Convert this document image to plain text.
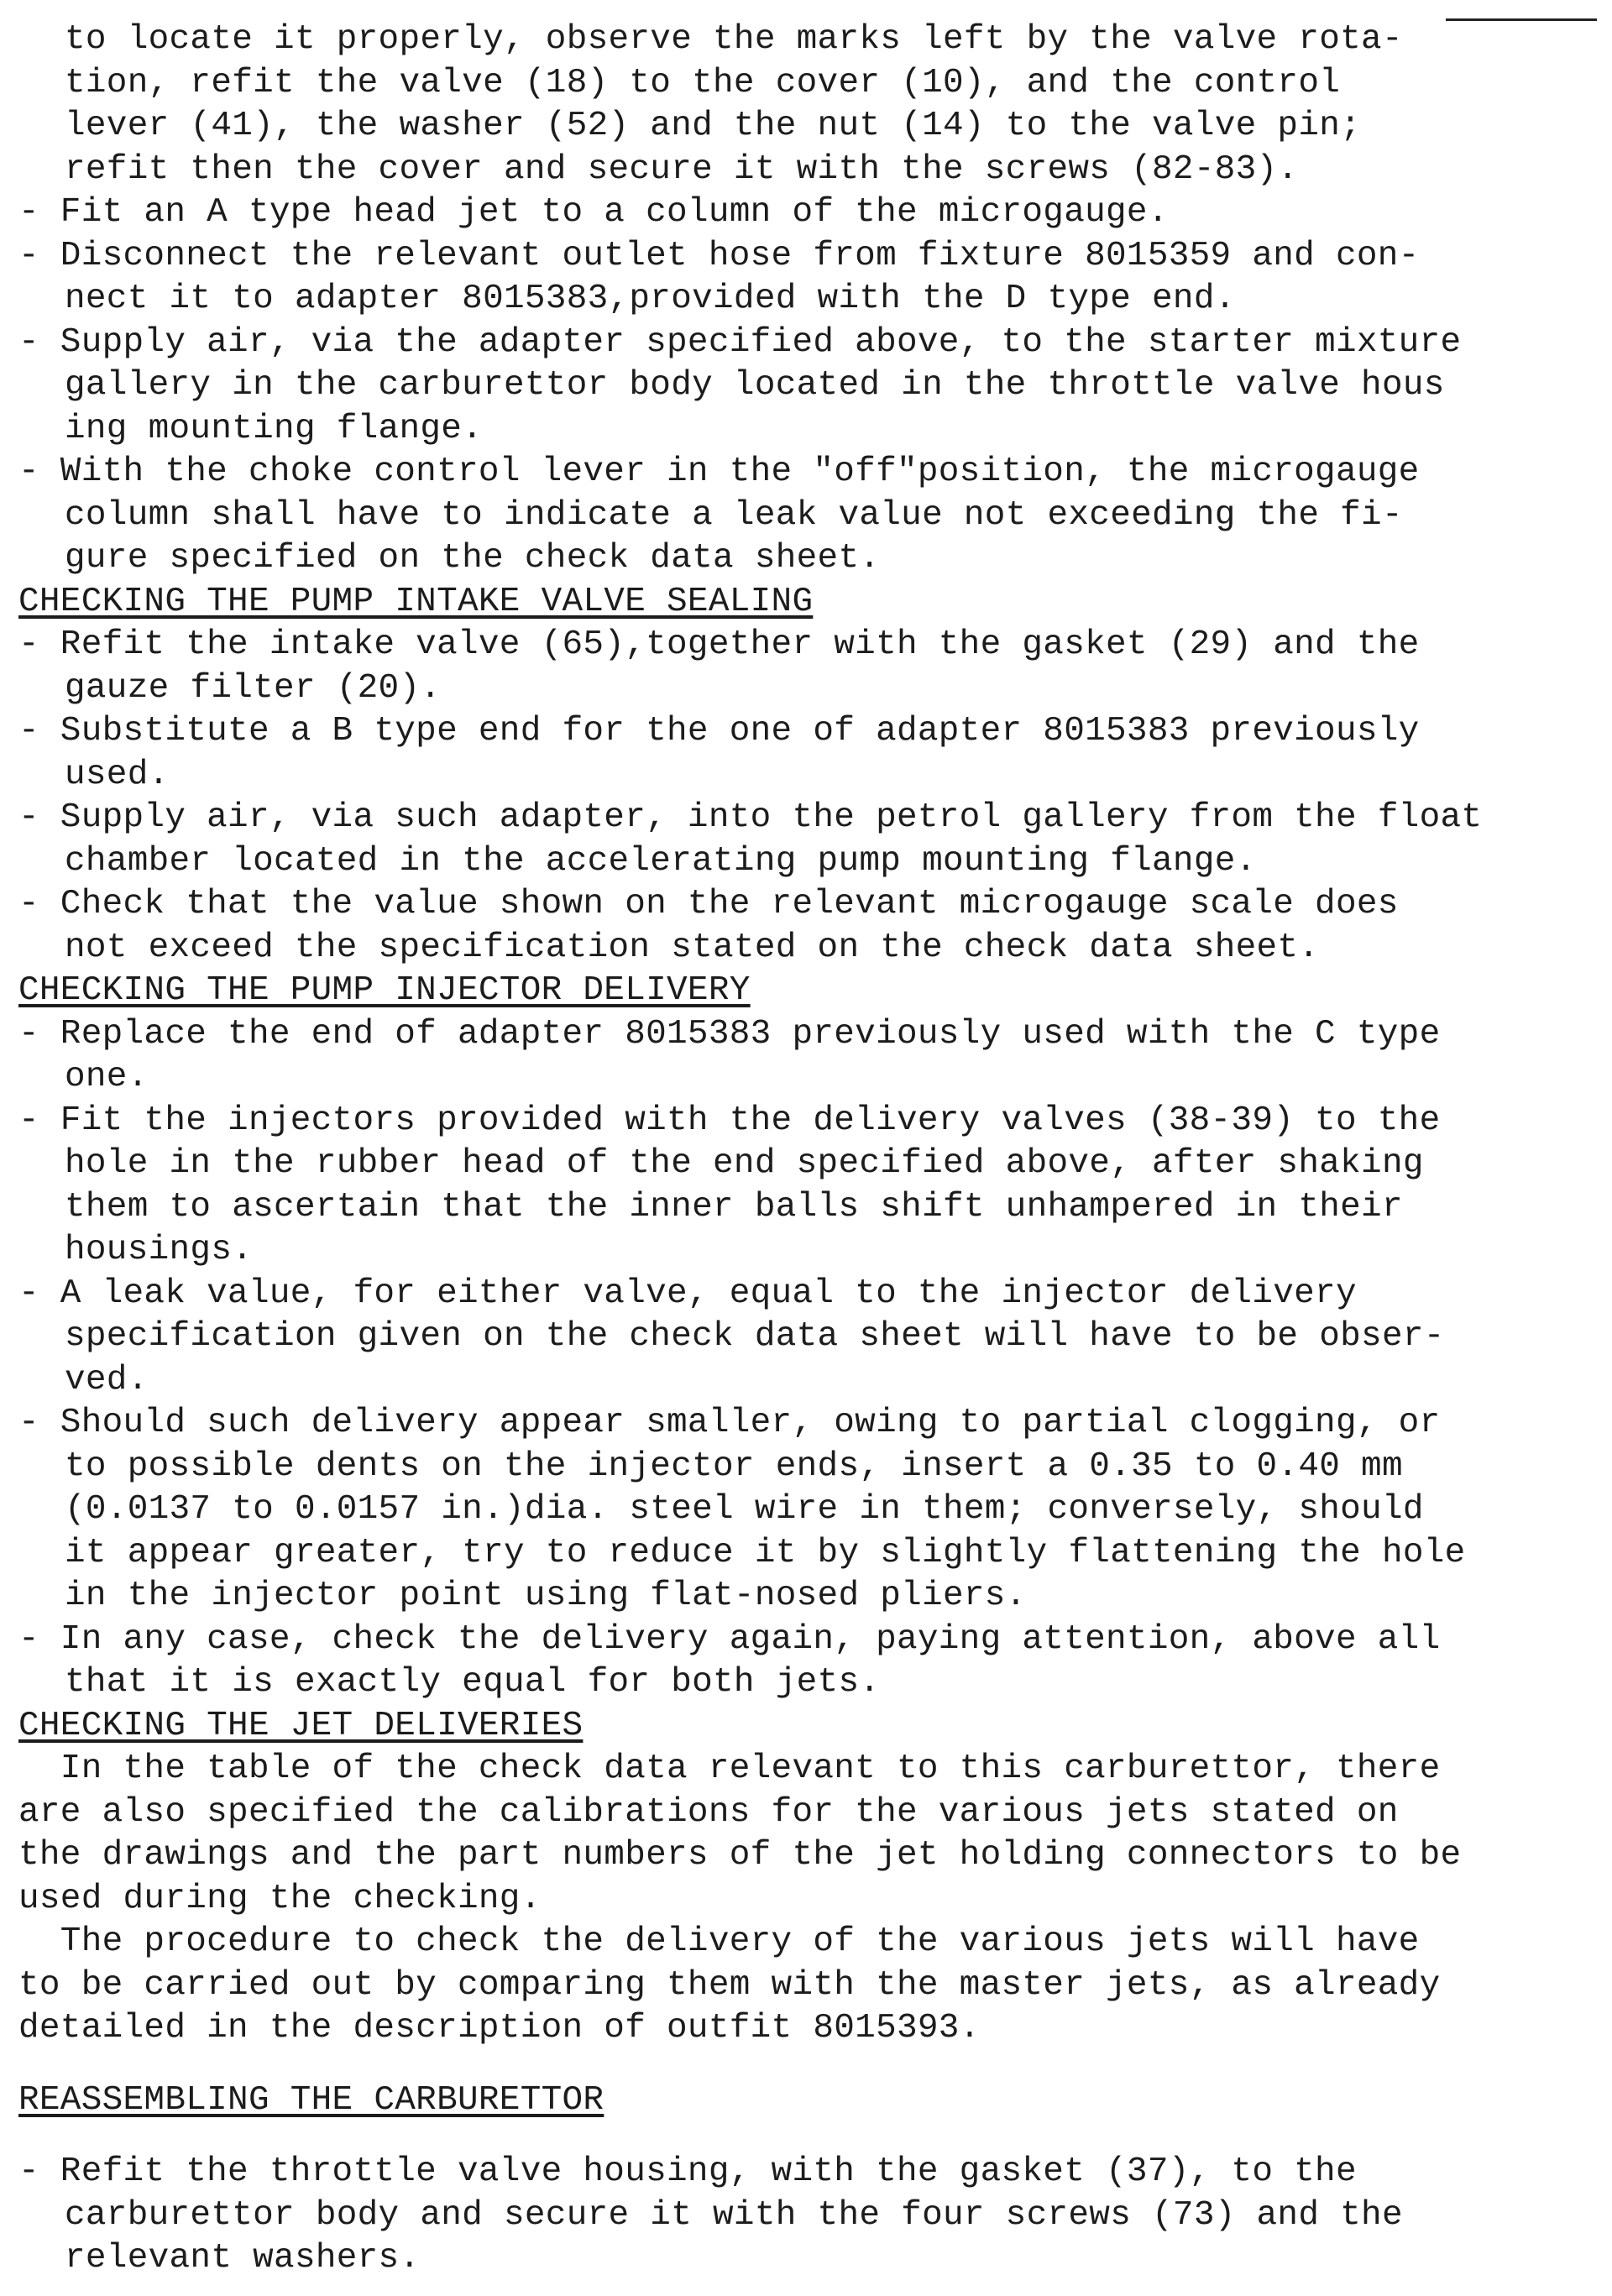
to locate it properly, observe the marks left by the valve rota-
tion, refit the valve (18) to the cover (10), and the control
lever (41), the washer (52) and the nut (14) to the valve pin;
refit then the cover and secure it with the screws (82-83).
- Fit an A type head jet to a column of the microgauge.
- Disconnect the relevant outlet hose from fixture 8015359 and con-
nect it to adapter 8015383,provided with the D type end.
- Supply air, via the adapter specified above, to the starter mixture
gallery in the carburettor body located in the throttle valve hous
ing mounting flange.
- With the choke control lever in the "off"position, the microgauge
column shall have to indicate a leak value not exceeding the fi-
gure specified on the check data sheet.
CHECKING THE PUMP INTAKE VALVE SEALING
- Refit the intake valve (65),together with the gasket (29) and the
gauze filter (20).
- Substitute a B type end for the one of adapter 8015383 previously
used.
- Supply air, via such adapter, into the petrol gallery from the float
chamber located in the accelerating pump mounting flange.
- Check that the value shown on the relevant microgauge scale does
not exceed the specification stated on the check data sheet.
CHECKING THE PUMP INJECTOR DELIVERY
- Replace the end of adapter 8015383 previously used with the C type
one.
- Fit the injectors provided with the delivery valves (38-39) to the
hole in the rubber head of the end specified above, after shaking
them to ascertain that the inner balls shift unhampered in their
housings.
- A leak value, for either valve, equal to the injector delivery
specification given on the check data sheet will have to be obser-
ved.
- Should such delivery appear smaller, owing to partial clogging, or
to possible dents on the injector ends, insert a 0.35 to 0.40 mm
(0.0137 to 0.0157 in.)dia. steel wire in them; conversely, should
it appear greater, try to reduce it by slightly flattening the hole
in the injector point using flat-nosed pliers.
- In any case, check the delivery again, paying attention, above all
that it is exactly equal for both jets.
CHECKING THE JET DELIVERIES
In the table of the check data relevant to this carburettor, there
are also specified the calibrations for the various jets stated on
the drawings and the part numbers of the jet holding connectors to be
used during the checking.
The procedure to check the delivery of the various jets will have
to be carried out by comparing them with the master jets, as already
detailed in the description of outfit 8015393.
REASSEMBLING THE CARBURETTOR
- Refit the throttle valve housing, with the gasket (37), to the
carburettor body and secure it with the four screws (73) and the
relevant washers.
